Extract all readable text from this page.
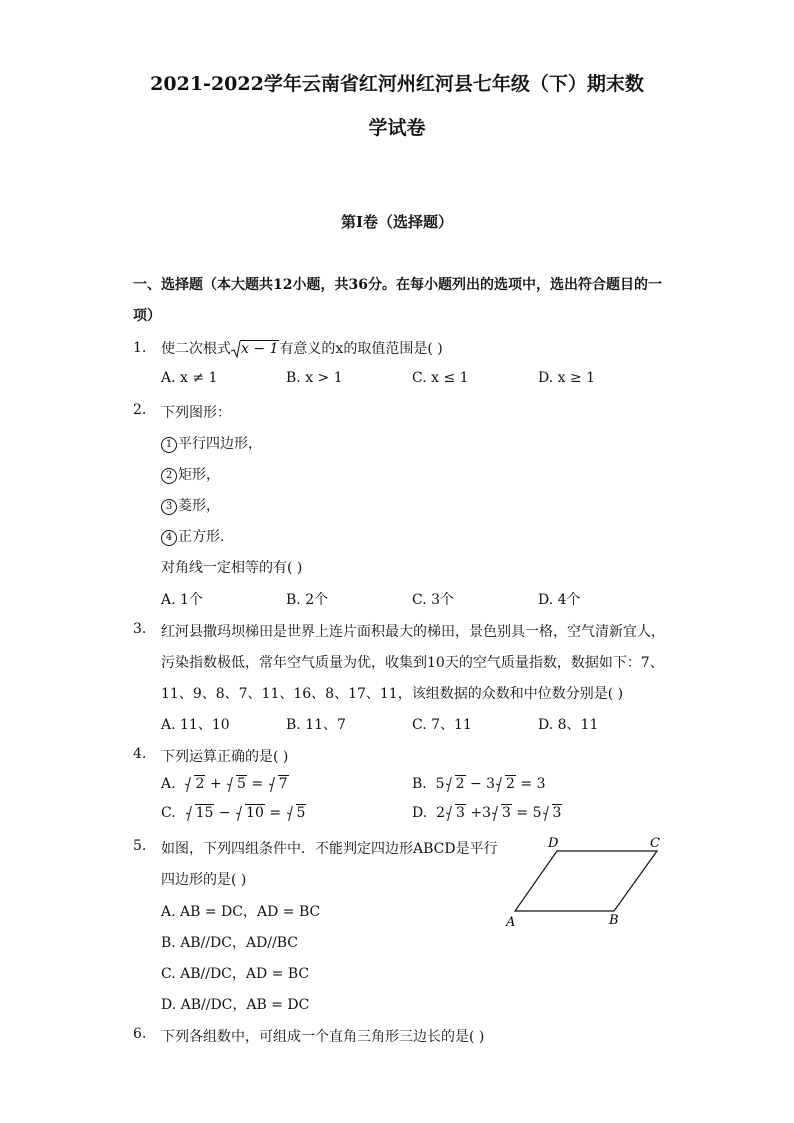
2021-2022学年云南省红河州红河县七年级（下）期末数
学试卷
第I卷（选择题）
一、选择题（本大题共12小题，共36分。在每小题列出的选项中，选出符合题目的一
项）
1. 使二次根式 x − 1有意义的x的取值范围是( )
A. x ≠ 1	B. x > 1	C. x ≤ 1	D. x ≥ 1
2. 下列图形：
1 平行四边形，
2 矩形，
3 菱形，
4 正方形．
对角线一定相等的有( )
A. 1个	B. 2个	C. 3个	D. 4个
3. 红河县撒玛坝梯田是世界上连片面积最大的梯田，景色别具一格，空气清新宜人，
污染指数极低，常年空气质量为优，收集到10天的空气质量指数，数据如下：7、
11、9、8、7、11、16、8、17、11，该组数据的众数和中位数分别是( )
A. 11、10	B. 11、7	C. 7、11	D. 8、11
4. 下列运算正确的是( )
A. 2 + 5 = 7	B. 5 2 − 3 2 = 3
C. 15 − 10 = 5	D. 2 3 +3 3 = 5 3
5. 如图，下列四组条件中．不能判定四边形ABCD是平行
四边形的是( )
A. AB = DC，AD = BC
B. AB//DC，AD//BC
C. AB//DC，AD = BC
D. AB//DC，AB = DC
A	B
C
D
6. 下列各组数中，可组成一个直角三角形三边长的是( )
